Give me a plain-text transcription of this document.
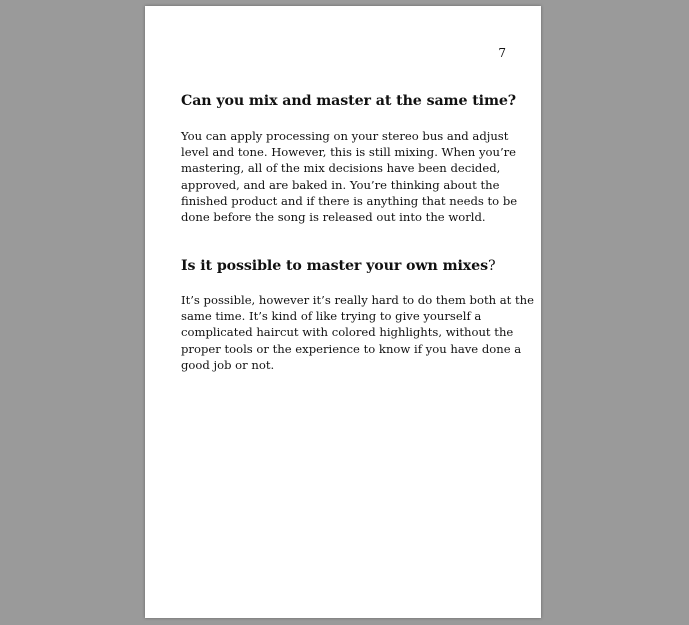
7
Can you mix and master at the same time?
You can apply processing on your stereo bus and adjust
level and tone. However, this is still mixing. When you’re
mastering, all of the mix decisions have been decided,
approved, and are baked in. You’re thinking about the
finished product and if there is anything that needs to be
done before the song is released out into the world.
Is it possible to master your own mixes?
It’s possible, however it’s really hard to do them both at the
same time. It’s kind of like trying to give yourself a
complicated haircut with colored highlights, without the
proper tools or the experience to know if you have done a
good job or not.
